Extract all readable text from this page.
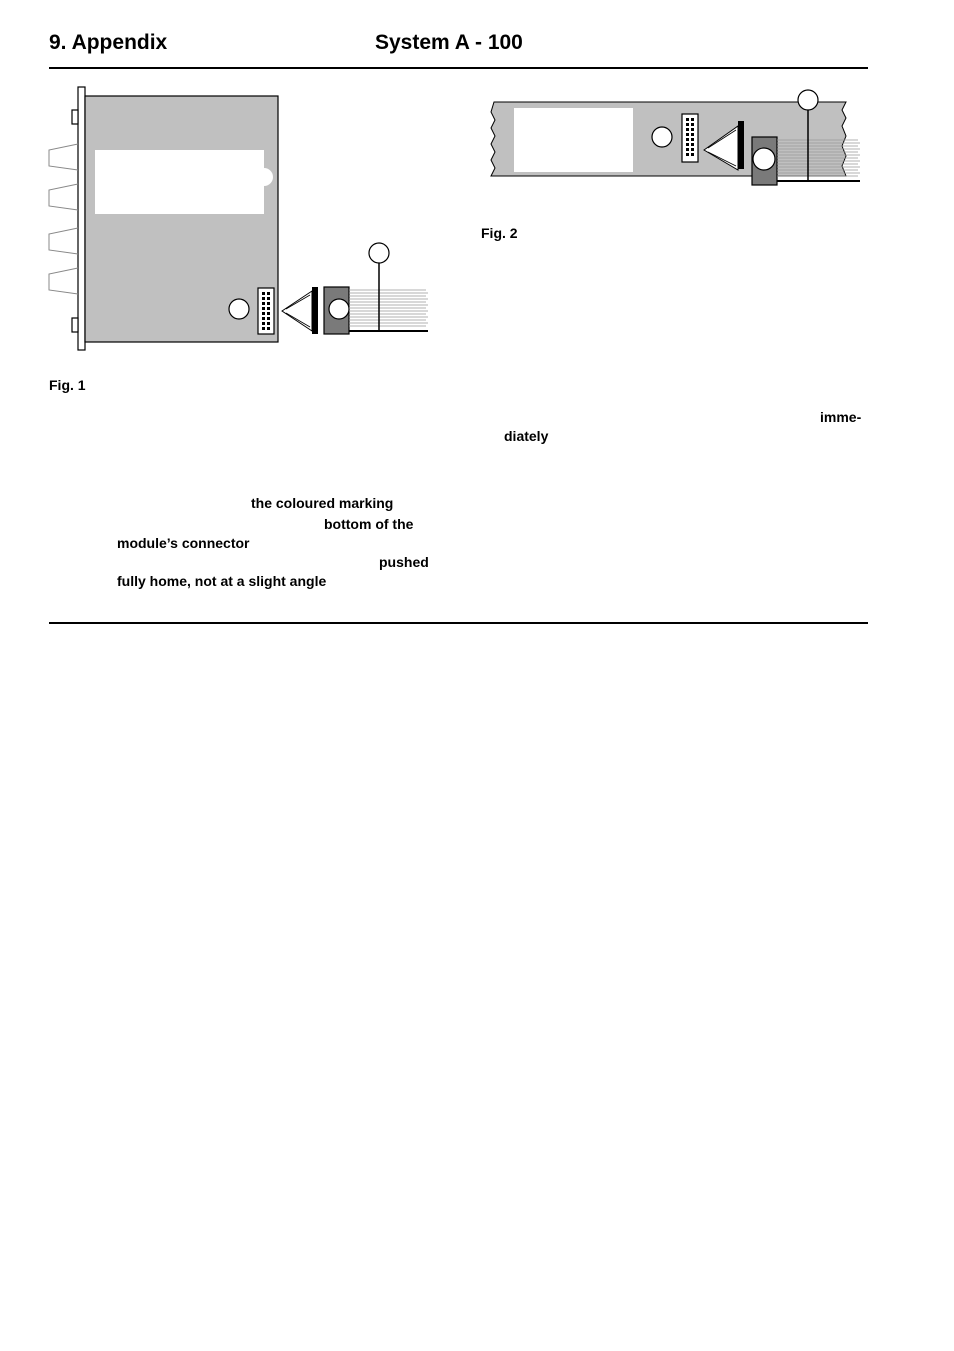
9. Appendix	System A - 100
Fig. 1
Fig. 2
imme-
diately
the coloured marking
bottom of the
module’s connector
pushed
fully home, not at a slight angle
